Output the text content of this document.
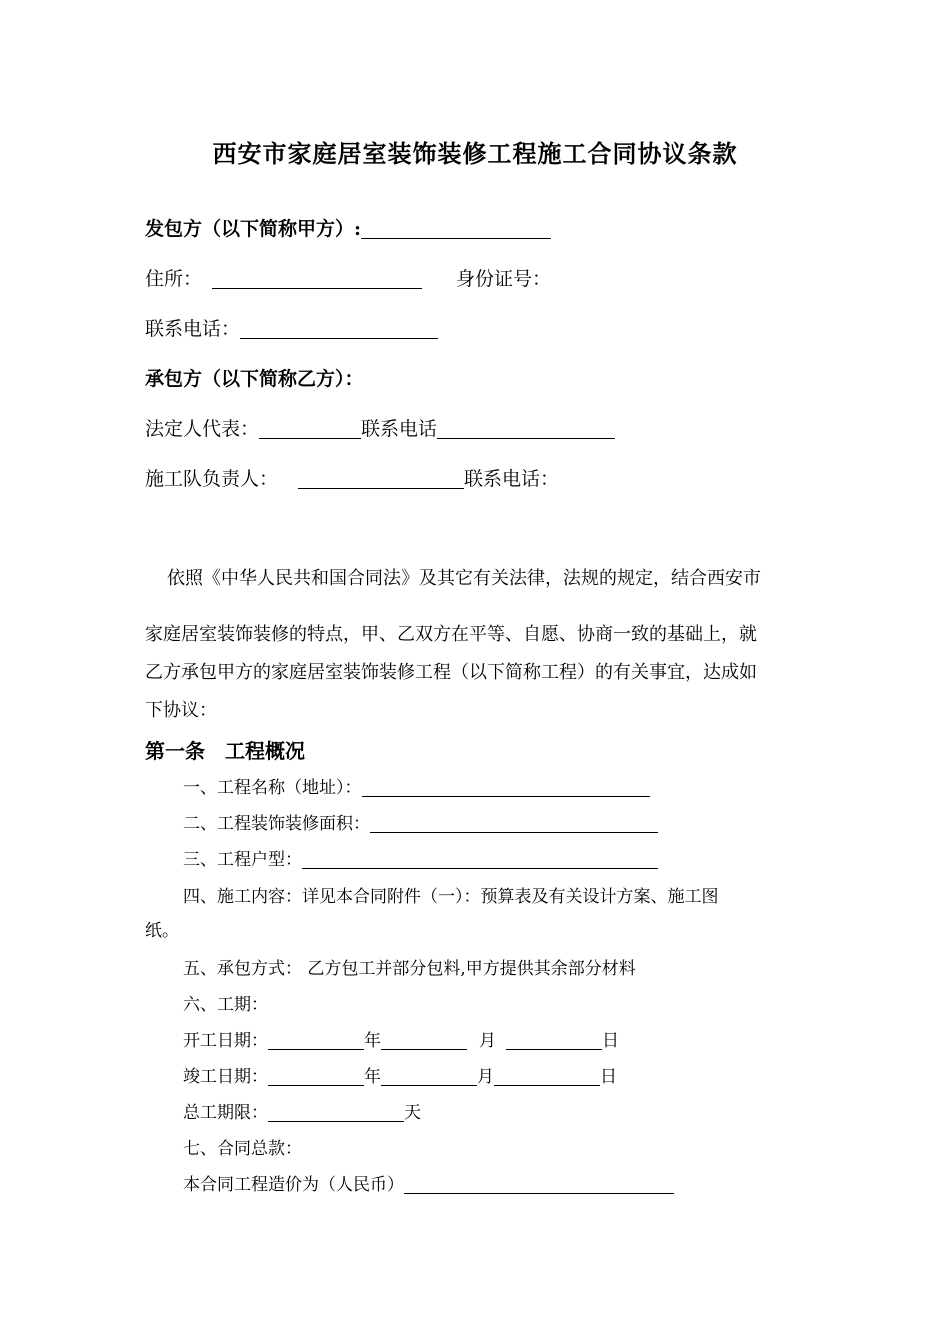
西安市家庭居室装饰装修工程施工合同协议条款
发包方（以下简称甲方）:
住所：	身份证号：
联系电话：
承包方（以下简称乙方）：
法定人代表：	联系电话
施工队负责人：	联系电话：

依照《中华人民共和国合同法》及其它有关法律，法规的规定，结合西安市

家庭居室装饰装修的特点，甲、乙双方在平等、自愿、协商一致的基础上，就

乙方承包甲方的家庭居室装饰装修工程（以下简称工程）的有关事宜，达成如

下协议：

第一条　工程概况
一、工程名称（地址）：
二、工程装饰装修面积：
三、工程户型：
四、施工内容：详见本合同附件（一）：预算表及有关设计方案、施工图
纸。
五、承包方式： 乙方包工并部分包料,甲方提供其余部分材料
六、工期：
开工日期：	年	月	日
竣工日期：	年	月	日
总工期限：	天
七、合同总款：
本合同工程造价为（人民币）
